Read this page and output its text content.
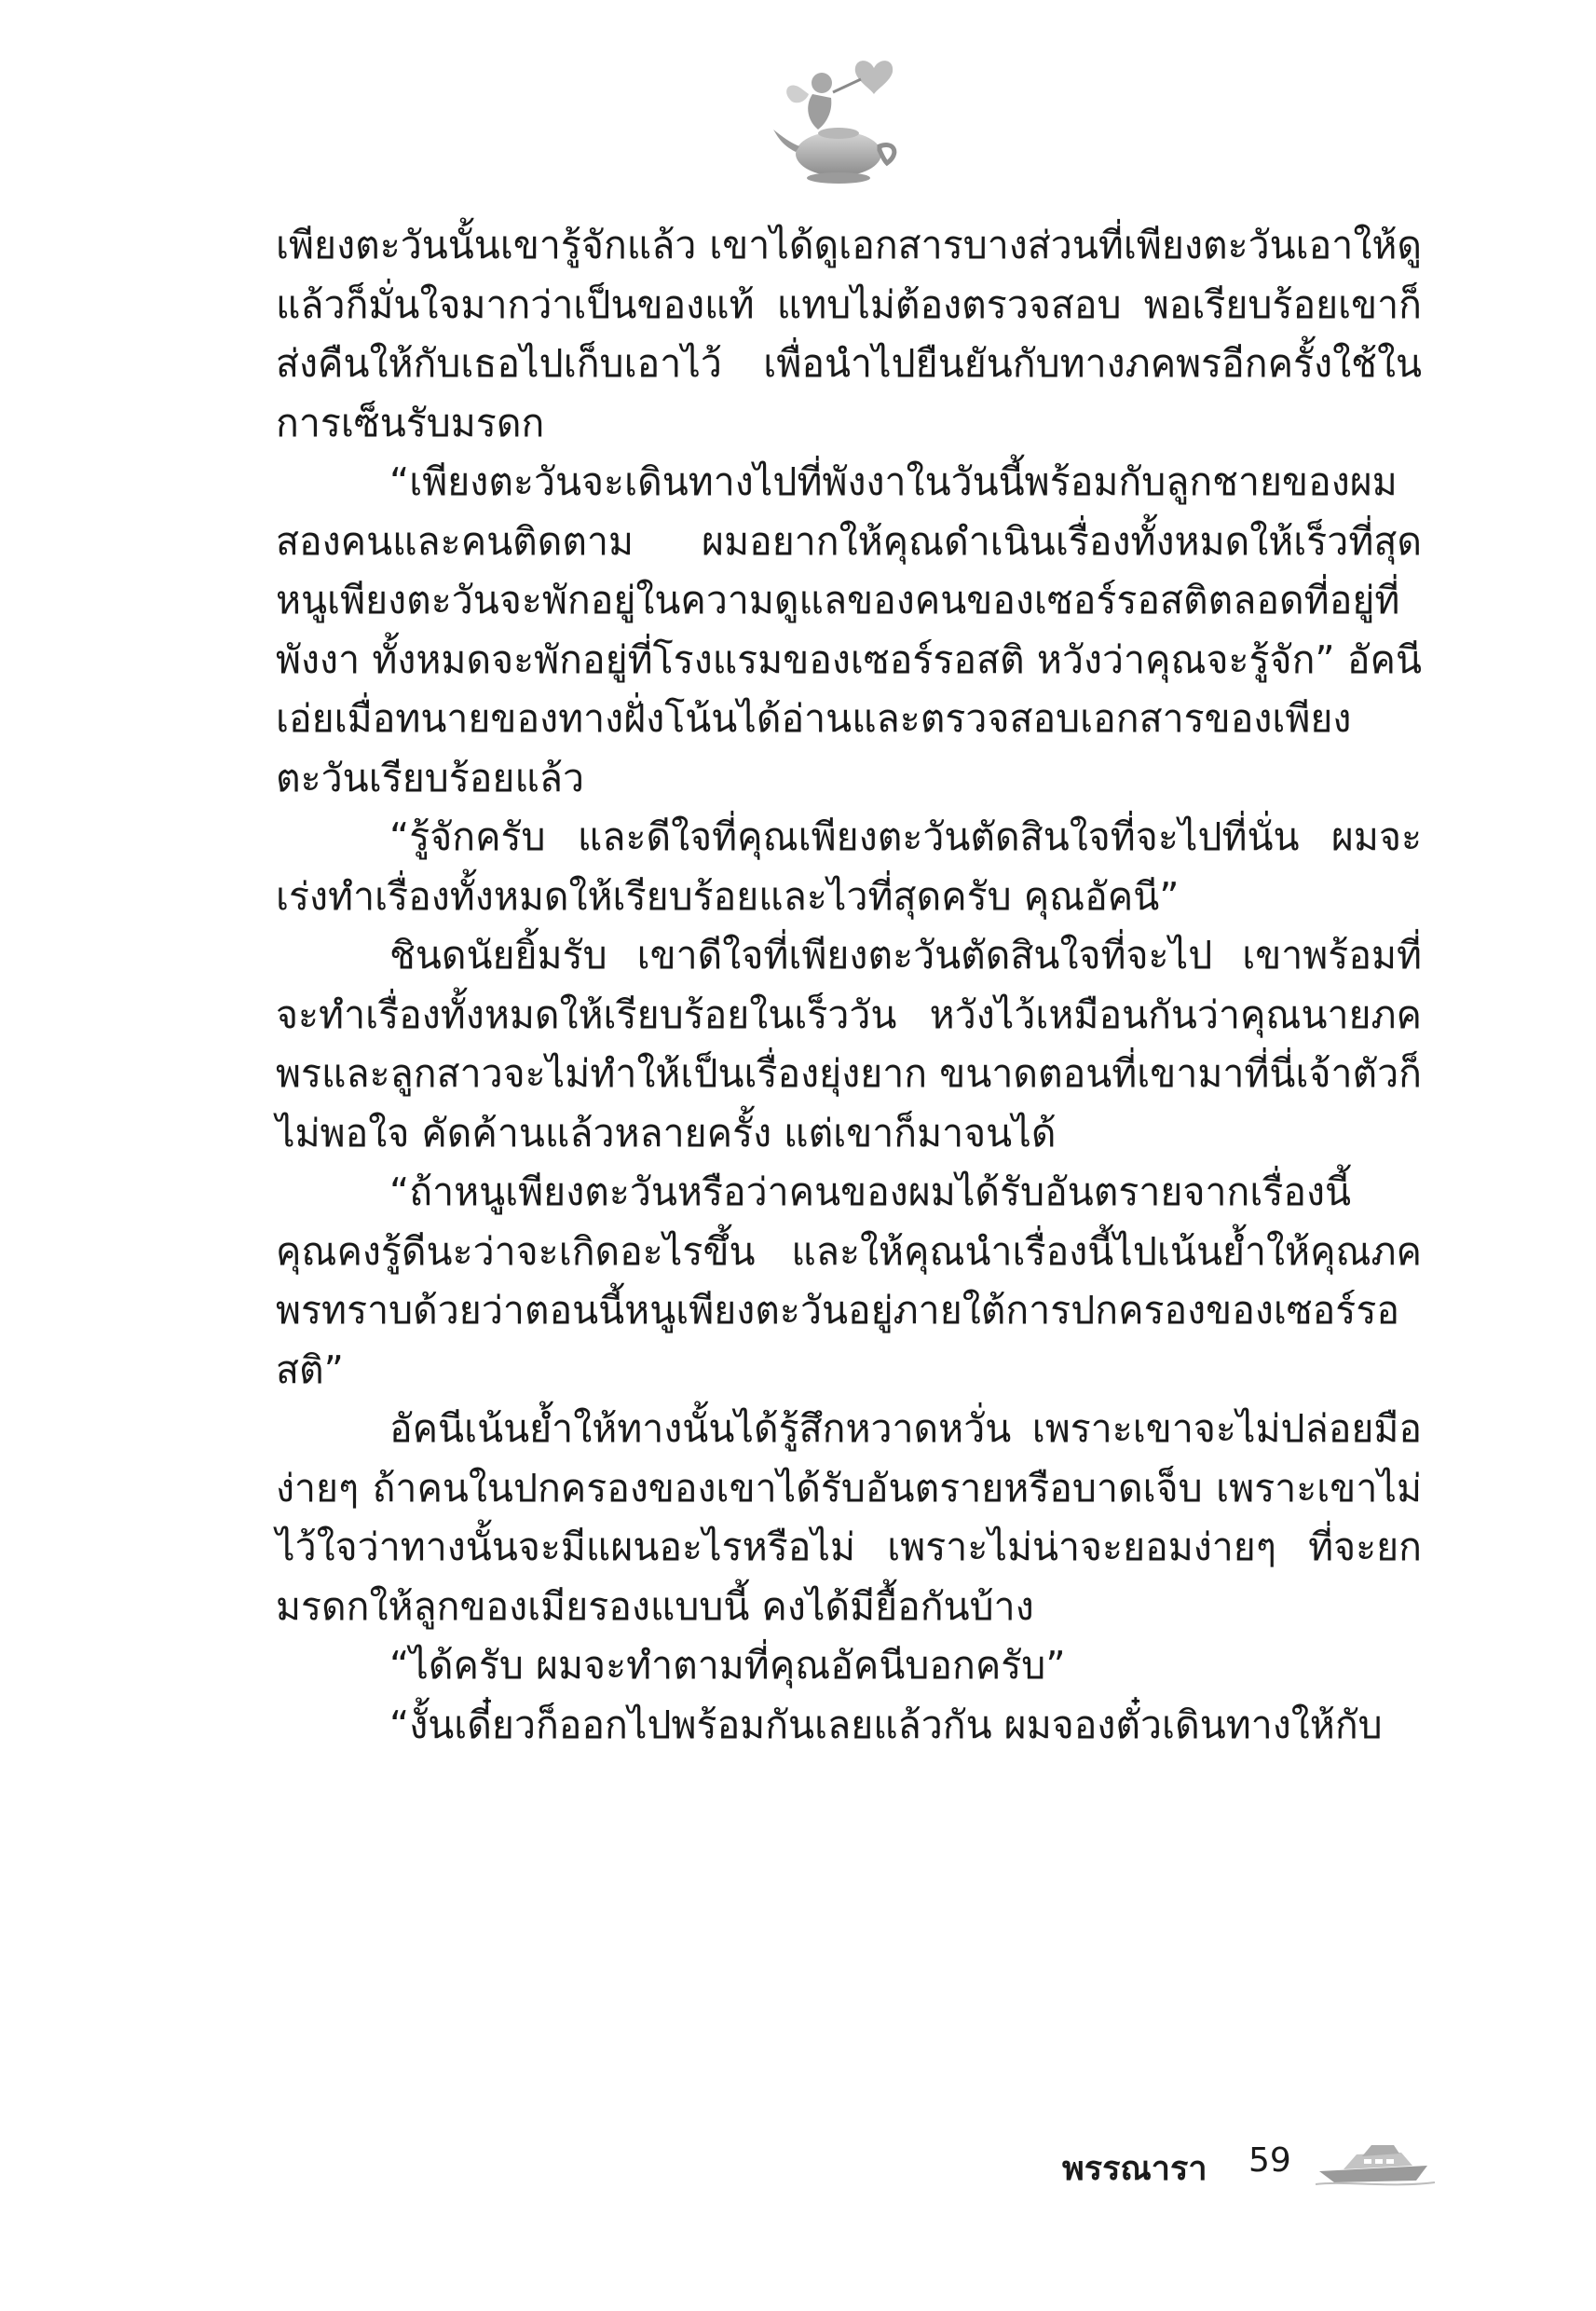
เพียงตะวันนั้นเขารู้จักแล้ว เขาได้ดูเอกสารบางส่วนที่เพียงตะวันเอาให้ดูแล้วก็มั่นใจมากว่าเป็นของแท้ แทบไม่ต้องตรวจสอบ พอเรียบร้อยเขาก็ส่งคืนให้กับเธอไปเก็บเอาไว้ เพื่อนำไปยืนยันกับทางภคพรอีกครั้งใช้ในการเซ็นรับมรดก

“เพียงตะวันจะเดินทางไปที่พังงาในวันนี้พร้อมกับลูกชายของผมสองคนและคนติดตาม ผมอยากให้คุณดำเนินเรื่องทั้งหมดให้เร็วที่สุด หนูเพียงตะวันจะพักอยู่ในความดูแลของคนของเซอร์รอสติตลอดที่อยู่ที่พังงา ทั้งหมดจะพักอยู่ที่โรงแรมของเซอร์รอสติ หวังว่าคุณจะรู้จัก” อัคนีเอ่ยเมื่อทนายของทางฝั่งโน้นได้อ่านและตรวจสอบเอกสารของเพียงตะวันเรียบร้อยแล้ว

“รู้จักครับ และดีใจที่คุณเพียงตะวันตัดสินใจที่จะไปที่นั่น ผมจะเร่งทำเรื่องทั้งหมดให้เรียบร้อยและไวที่สุดครับ คุณอัคนี”

ชินดนัยยิ้มรับ เขาดีใจที่เพียงตะวันตัดสินใจที่จะไป เขาพร้อมที่จะทำเรื่องทั้งหมดให้เรียบร้อยในเร็ววัน หวังไว้เหมือนกันว่าคุณนายภคพรและลูกสาวจะไม่ทำให้เป็นเรื่องยุ่งยาก ขนาดตอนที่เขามาที่นี่เจ้าตัวก็ไม่พอใจ คัดค้านแล้วหลายครั้ง แต่เขาก็มาจนได้

“ถ้าหนูเพียงตะวันหรือว่าคนของผมได้รับอันตรายจากเรื่องนี้ คุณคงรู้ดีนะว่าจะเกิดอะไรขึ้น และให้คุณนำเรื่องนี้ไปเน้นย้ำให้คุณภคพรทราบด้วยว่าตอนนี้หนูเพียงตะวันอยู่ภายใต้การปกครองของเซอร์รอสติ”

อัคนีเน้นย้ำให้ทางนั้นได้รู้สึกหวาดหวั่น เพราะเขาจะไม่ปล่อยมือง่ายๆ ถ้าคนในปกครองของเขาได้รับอันตรายหรือบาดเจ็บ เพราะเขาไม่ไว้ใจว่าทางนั้นจะมีแผนอะไรหรือไม่ เพราะไม่น่าจะยอมง่ายๆ ที่จะยกมรดกให้ลูกของเมียรองแบบนี้ คงได้มียื้อกันบ้าง

“ได้ครับ ผมจะทำตามที่คุณอัคนีบอกครับ”

“งั้นเดี๋ยวก็ออกไปพร้อมกันเลยแล้วกัน ผมจองตั๋วเดินทางให้กับ

พรรณารา 59
